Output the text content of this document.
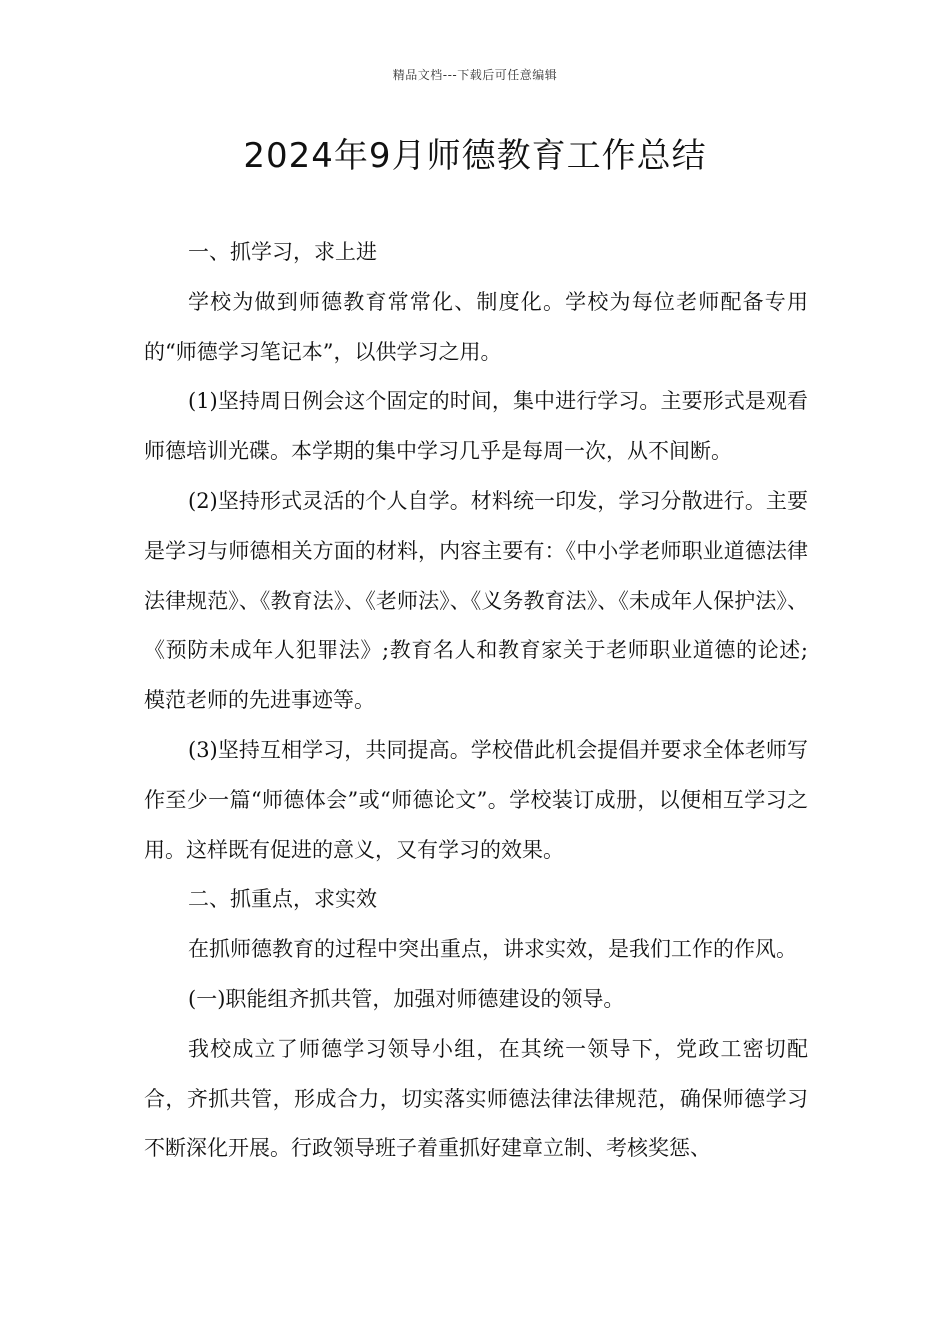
精品文档---下载后可任意编辑
2024年9月师德教育工作总结

一、抓学习，求上进

学校为做到师德教育常常化、制度化。学校为每位老师配备专用的“师德学习笔记本”，以供学习之用。

(1)坚持周日例会这个固定的时间，集中进行学习。主要形式是观看师德培训光碟。本学期的集中学习几乎是每周一次，从不间断。

(2)坚持形式灵活的个人自学。材料统一印发，学习分散进行。主要是学习与师德相关方面的材料，内容主要有：《中小学老师职业道德法律法律规范》、《教育法》、《老师法》、《义务教育法》、《未成年人保护法》、《预防未成年人犯罪法》;教育名人和教育家关于老师职业道德的论述;模范老师的先进事迹等。

(3)坚持互相学习，共同提高。学校借此机会提倡并要求全体老师写作至少一篇“师德体会”或“师德论文”。学校装订成册，以便相互学习之用。这样既有促进的意义，又有学习的效果。

二、抓重点，求实效

在抓师德教育的过程中突出重点，讲求实效，是我们工作的作风。

(一)职能组齐抓共管，加强对师德建设的领导。

我校成立了师德学习领导小组，在其统一领导下，党政工密切配合，齐抓共管，形成合力，切实落实师德法律法律规范，确保师德学习不断深化开展。行政领导班子着重抓好建章立制、考核奖惩、
